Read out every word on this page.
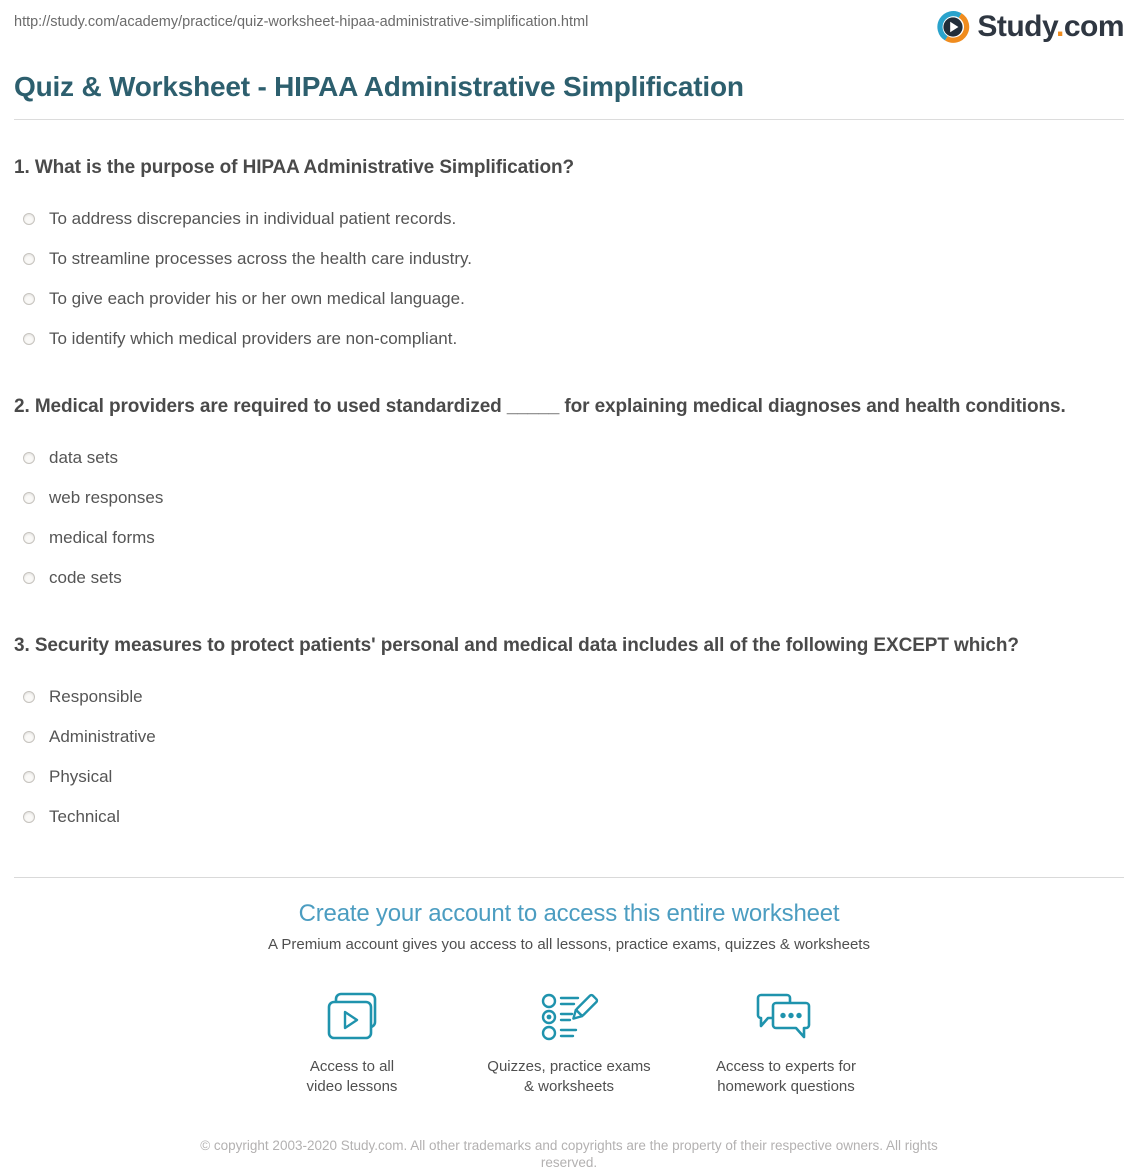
http://study.com/academy/practice/quiz-worksheet-hipaa-administrative-simplification.html	Study.com
Quiz & Worksheet - HIPAA Administrative Simplification
1. What is the purpose of HIPAA Administrative Simplification?
To address discrepancies in individual patient records.
To streamline processes across the health care industry.
To give each provider his or her own medical language.
To identify which medical providers are non-compliant.
2. Medical providers are required to used standardized _____ for explaining medical diagnoses and health conditions.
data sets
web responses
medical forms
code sets
3. Security measures to protect patients' personal and medical data includes all of the following EXCEPT which?
Responsible
Administrative
Physical
Technical
Create your account to access this entire worksheet
A Premium account gives you access to all lessons, practice exams, quizzes & worksheets
Access to all
video lessons
Quizzes, practice exams
& worksheets
Access to experts for
homework questions
© copyright 2003-2020 Study.com. All other trademarks and copyrights are the property of their respective owners. All rights reserved.
